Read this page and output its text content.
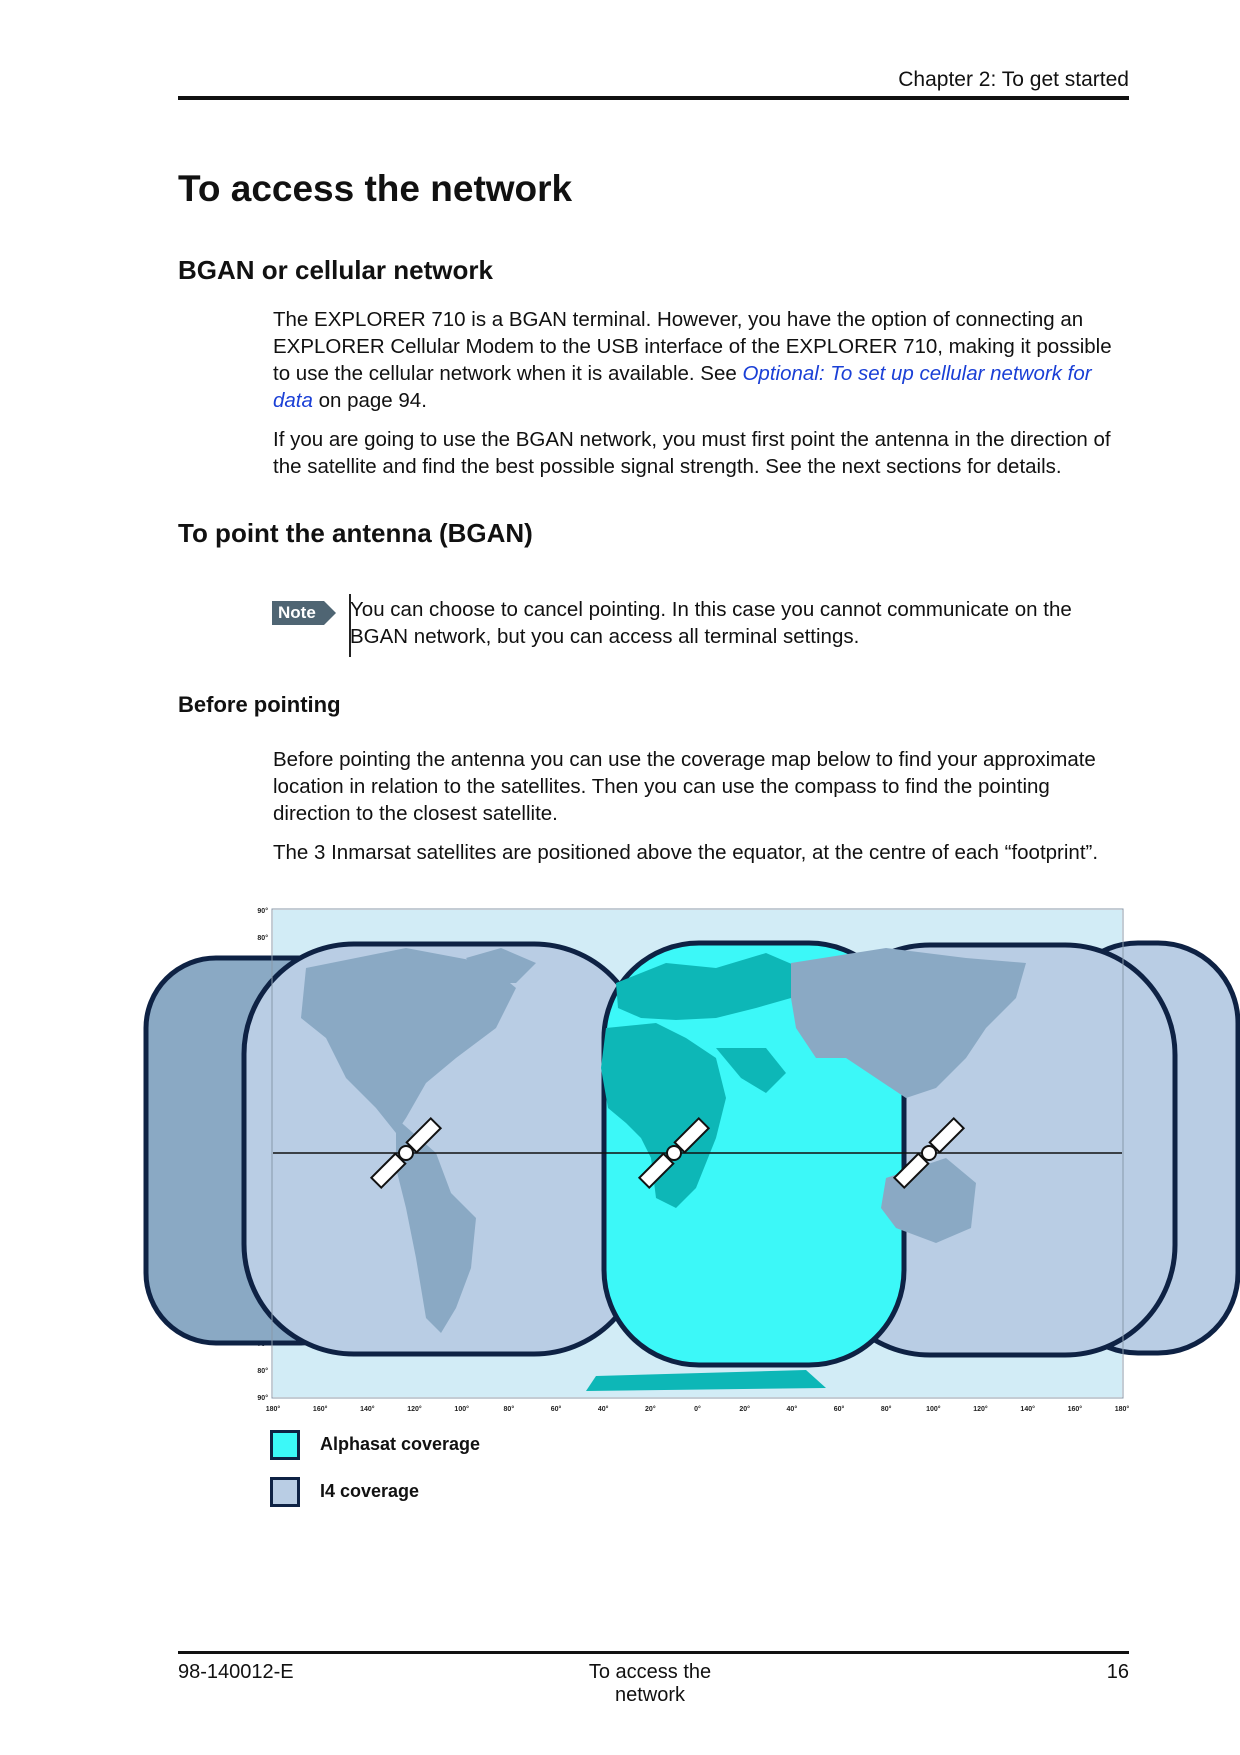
Chapter 2: To get started
To access the network
BGAN or cellular network

The EXPLORER 710 is a BGAN terminal. However, you have the option of connecting an EXPLORER Cellular Modem to the USB interface of the EXPLORER 710, making it possible to use the cellular network when it is available. See Optional: To set up cellular network for data on page 94.

If you are going to use the BGAN network, you must first point the antenna in the direction of the satellite and find the best possible signal strength. See the next sections for details.

To point the antenna (BGAN)
Note You can choose to cancel pointing. In this case you cannot communicate on the BGAN network, but you can access all terminal settings.
Before pointing

Before pointing the antenna you can use the coverage map below to find your approximate location in relation to the satellites. Then you can use the compass to find the pointing direction to the closest satellite.

The 3 Inmarsat satellites are positioned above the equator, at the centre of each “footprint”.

90°
80°
80°
90°
180°	160°	140°	120°	100°	80°	60°	40°	20°	0°	20°	40°	60°	80°	100°	120°	140°	160°	180°
Alphasat coverage
I4 coverage
98-140012-E	To access the network
16
